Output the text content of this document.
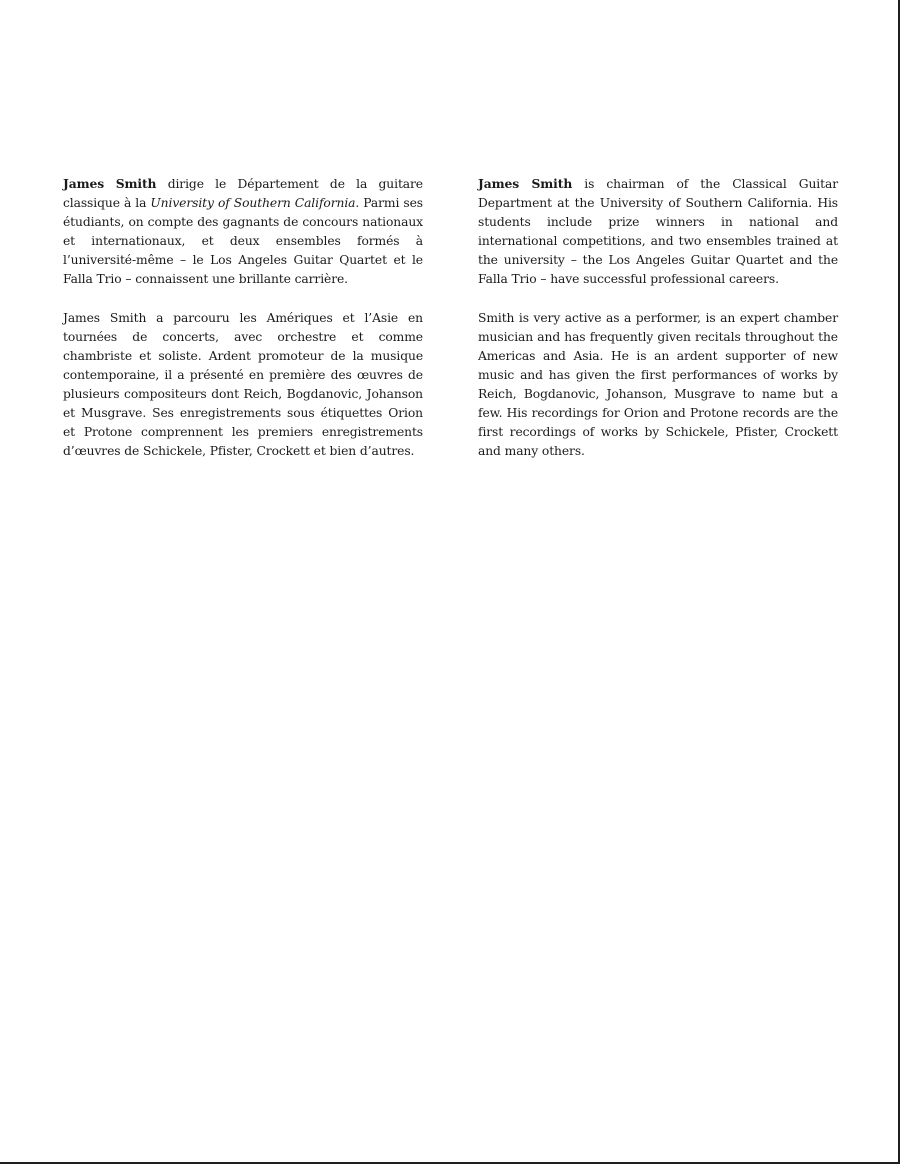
James Smith dirige le Département de la guitare classique à la University of Southern California. Parmi ses étudiants, on compte des gagnants de concours nationaux et internationaux, et deux ensembles formés à l’université-même – le Los Angeles Guitar Quartet et le Falla Trio – connaissent une brillante carrière.

James Smith a parcouru les Amériques et l’Asie en tournées de concerts, avec orchestre et comme chambriste et soliste. Ardent promoteur de la musique contemporaine, il a présenté en première des œuvres de plusieurs compositeurs dont Reich, Bogdanovic, Johanson et Musgrave. Ses enregistrements sous étiquettes Orion et Protone comprennent les premiers enregistrements d’œuvres de Schickele, Pfister, Crockett et bien d’autres.

James Smith is chairman of the Classical Guitar Department at the University of Southern California. His students include prize winners in national and international competitions, and two ensembles trained at the university – the Los Angeles Guitar Quartet and the Falla Trio – have successful professional careers.

Smith is very active as a performer, is an expert chamber musician and has frequently given recitals throughout the Americas and Asia. He is an ardent supporter of new music and has given the first performances of works by Reich, Bogdanovic, Johanson, Musgrave to name but a few. His recordings for Orion and Protone records are the first recordings of works by Schickele, Pfister, Crockett and many others.
